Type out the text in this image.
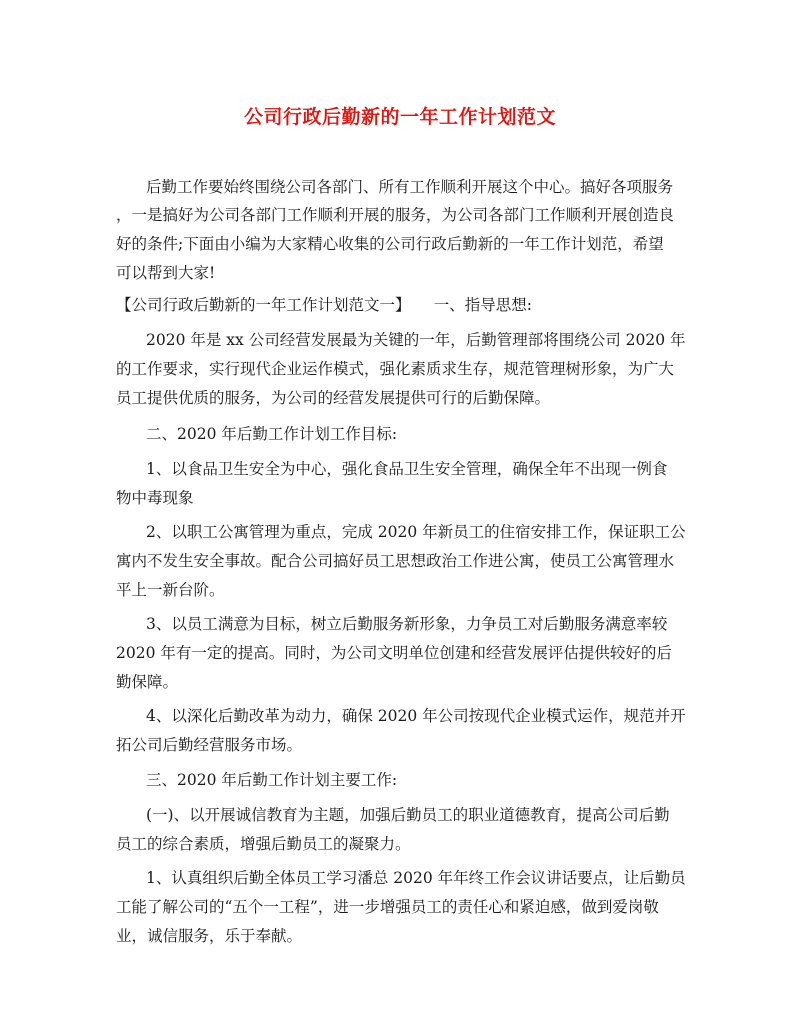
公司行政后勤新的一年工作计划范文
后勤工作要始终围绕公司各部门、所有工作顺利开展这个中心。搞好各项服务
，一是搞好为公司各部门工作顺利开展的服务，为公司各部门工作顺利开展创造良
好的条件;下面由小编为大家精心收集的公司行政后勤新的一年工作计划范，希望
可以帮到大家!
【公司行政后勤新的一年工作计划范文一】　　一、指导思想:
2020 年是 xx 公司经营发展最为关键的一年，后勤管理部将围绕公司 2020 年
的工作要求，实行现代企业运作模式，强化素质求生存，规范管理树形象，为广大
员工提供优质的服务，为公司的经营发展提供可行的后勤保障。
二、2020 年后勤工作计划工作目标:
1、以食品卫生安全为中心，强化食品卫生安全管理，确保全年不出现一例食
物中毒现象
2、以职工公寓管理为重点，完成 2020 年新员工的住宿安排工作，保证职工公
寓内不发生安全事故。配合公司搞好员工思想政治工作进公寓，使员工公寓管理水
平上一新台阶。
3、以员工满意为目标，树立后勤服务新形象，力争员工对后勤服务满意率较
2020 年有一定的提高。同时，为公司文明单位创建和经营发展评估提供较好的后
勤保障。
4、以深化后勤改革为动力，确保 2020 年公司按现代企业模式运作，规范并开
拓公司后勤经营服务市场。
三、2020 年后勤工作计划主要工作:
(一)、以开展诚信教育为主题，加强后勤员工的职业道德教育，提高公司后勤
员工的综合素质，增强后勤员工的凝聚力。
1、认真组织后勤全体员工学习潘总 2020 年年终工作会议讲话要点，让后勤员
工能了解公司的“五个一工程”，进一步增强员工的责任心和紧迫感，做到爱岗敬
业，诚信服务，乐于奉献。
